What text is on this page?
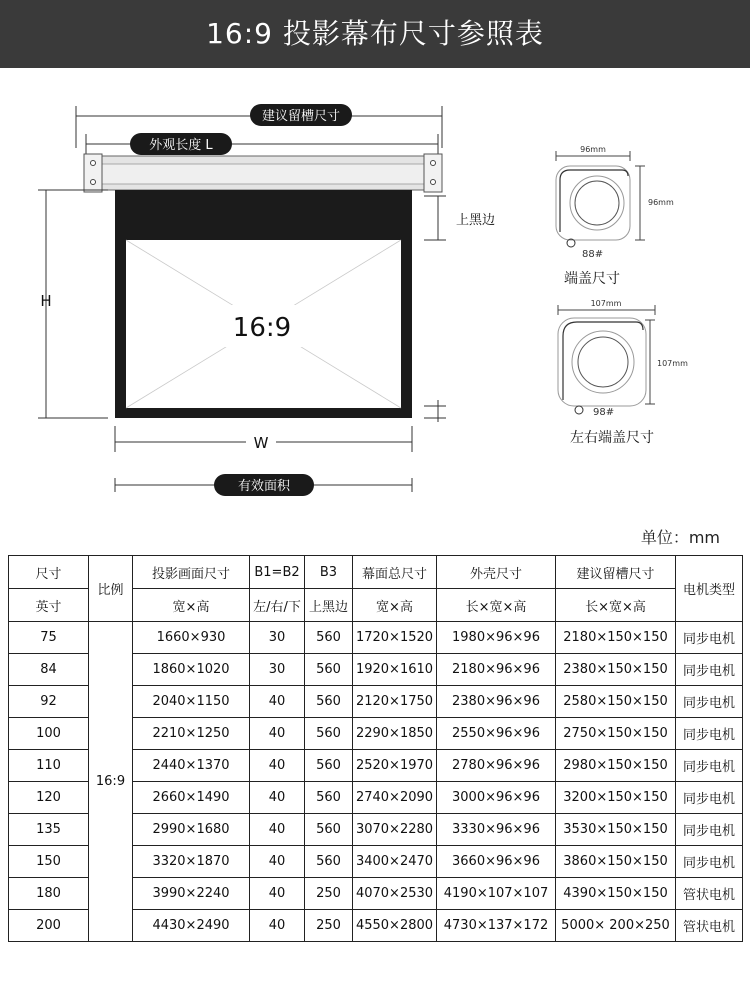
16:9 投影幕布尺寸参照表
建议留槽尺寸
外观长度 L
16:9
上黑边
H
W
有效面积
96mm
96mm
88#
端盖尺寸
107mm
107mm
98#
左右端盖尺寸
单位：mm
尺寸	比例	投影画面尺寸	B1=B2	B3	幕面总尺寸	外壳尺寸	建议留槽尺寸	电机类型
英寸		宽×高	左/右/下	上黑边	宽×高	长×宽×高	长×宽×高	
75	16:9	1660×930	30	560	1720×1520	1980×96×96	2180×150×150	同步电机
84		1860×1020	30	560	1920×1610	2180×96×96	2380×150×150	同步电机
92		2040×1150	40	560	2120×1750	2380×96×96	2580×150×150	同步电机
100		2210×1250	40	560	2290×1850	2550×96×96	2750×150×150	同步电机
110		2440×1370	40	560	2520×1970	2780×96×96	2980×150×150	同步电机
120		2660×1490	40	560	2740×2090	3000×96×96	3200×150×150	同步电机
135		2990×1680	40	560	3070×2280	3330×96×96	3530×150×150	同步电机
150		3320×1870	40	560	3400×2470	3660×96×96	3860×150×150	同步电机
180		3990×2240	40	250	4070×2530	4190×107×107	4390×150×150	管状电机
200		4430×2490	40	250	4550×2800	4730×137×172	5000× 200×250	管状电机
